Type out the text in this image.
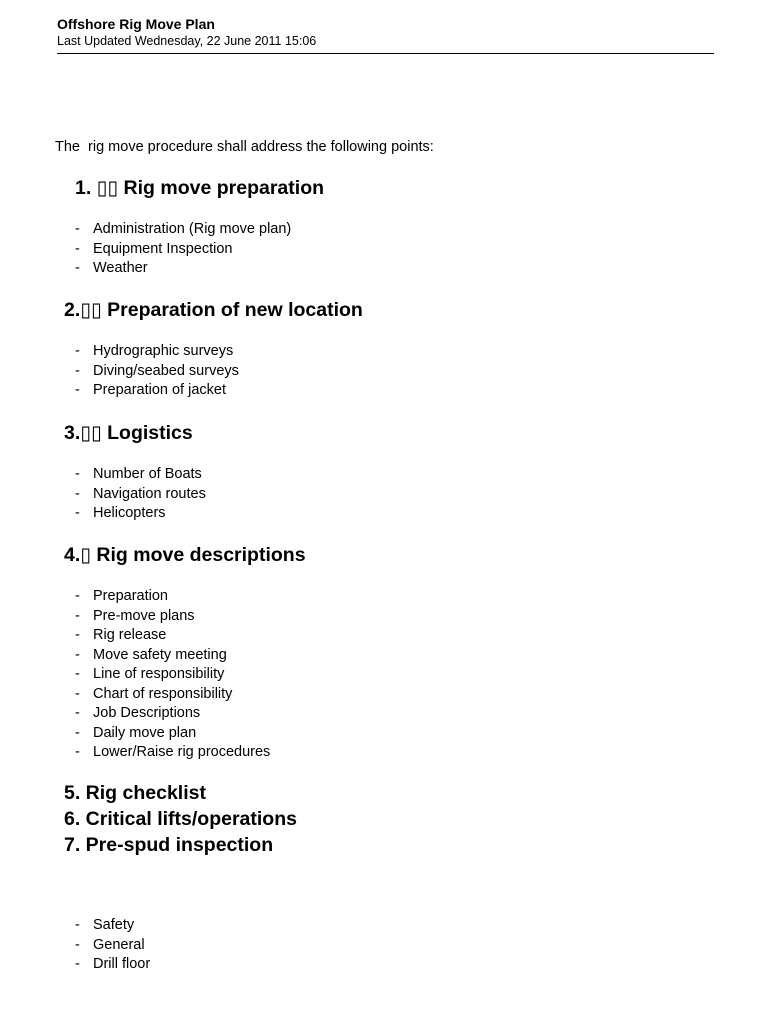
Offshore Rig Move Plan

Last Updated Wednesday, 22 June 2011 15:06

The  rig move procedure shall address the following points:
1. ▯▯ Rig move preparation
- Administration (Rig move plan)
- Equipment Inspection
- Weather
2.▯▯ Preparation of new location
- Hydrographic surveys
- Diving/seabed surveys
- Preparation of jacket
3.▯▯ Logistics
- Number of Boats
- Navigation routes
- Helicopters
4.▯ Rig move descriptions
- Preparation
- Pre-move plans
- Rig release
- Move safety meeting
- Line of responsibility
- Chart of responsibility
- Job Descriptions
- Daily move plan
- Lower/Raise rig procedures
5. Rig checklist
6. Critical lifts/operations
7. Pre-spud inspection
- Safety
- General
- Drill floor
